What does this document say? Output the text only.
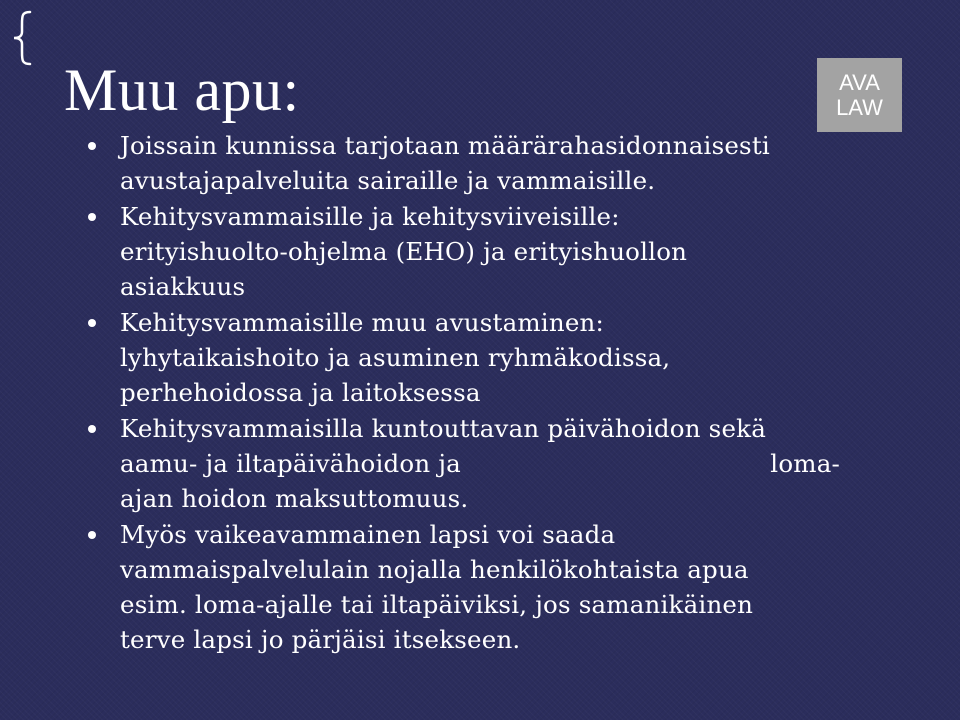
AVA
LAW
Muu apu:
Joissain kunnissa tarjotaan määrärahasidonnaisesti
avustajapalveluita sairaille ja vammaisille.
Kehitysvammaisille ja kehitysviiveisille:
erityishuolto-ohjelma (EHO) ja erityishuollon
asiakkuus
Kehitysvammaisille muu avustaminen:
lyhytaikaishoito ja asuminen ryhmäkodissa,
perhehoidossa ja laitoksessa
Kehitysvammaisilla kuntouttavan päivähoidon sekä
aamu- ja iltapäivähoidon ja	loma-
ajan hoidon maksuttomuus.
Myös vaikeavammainen lapsi voi saada
vammaispalvelulain nojalla henkilökohtaista apua
esim. loma-ajalle tai iltapäiviksi, jos samanikäinen
terve lapsi jo pärjäisi itsekseen.
